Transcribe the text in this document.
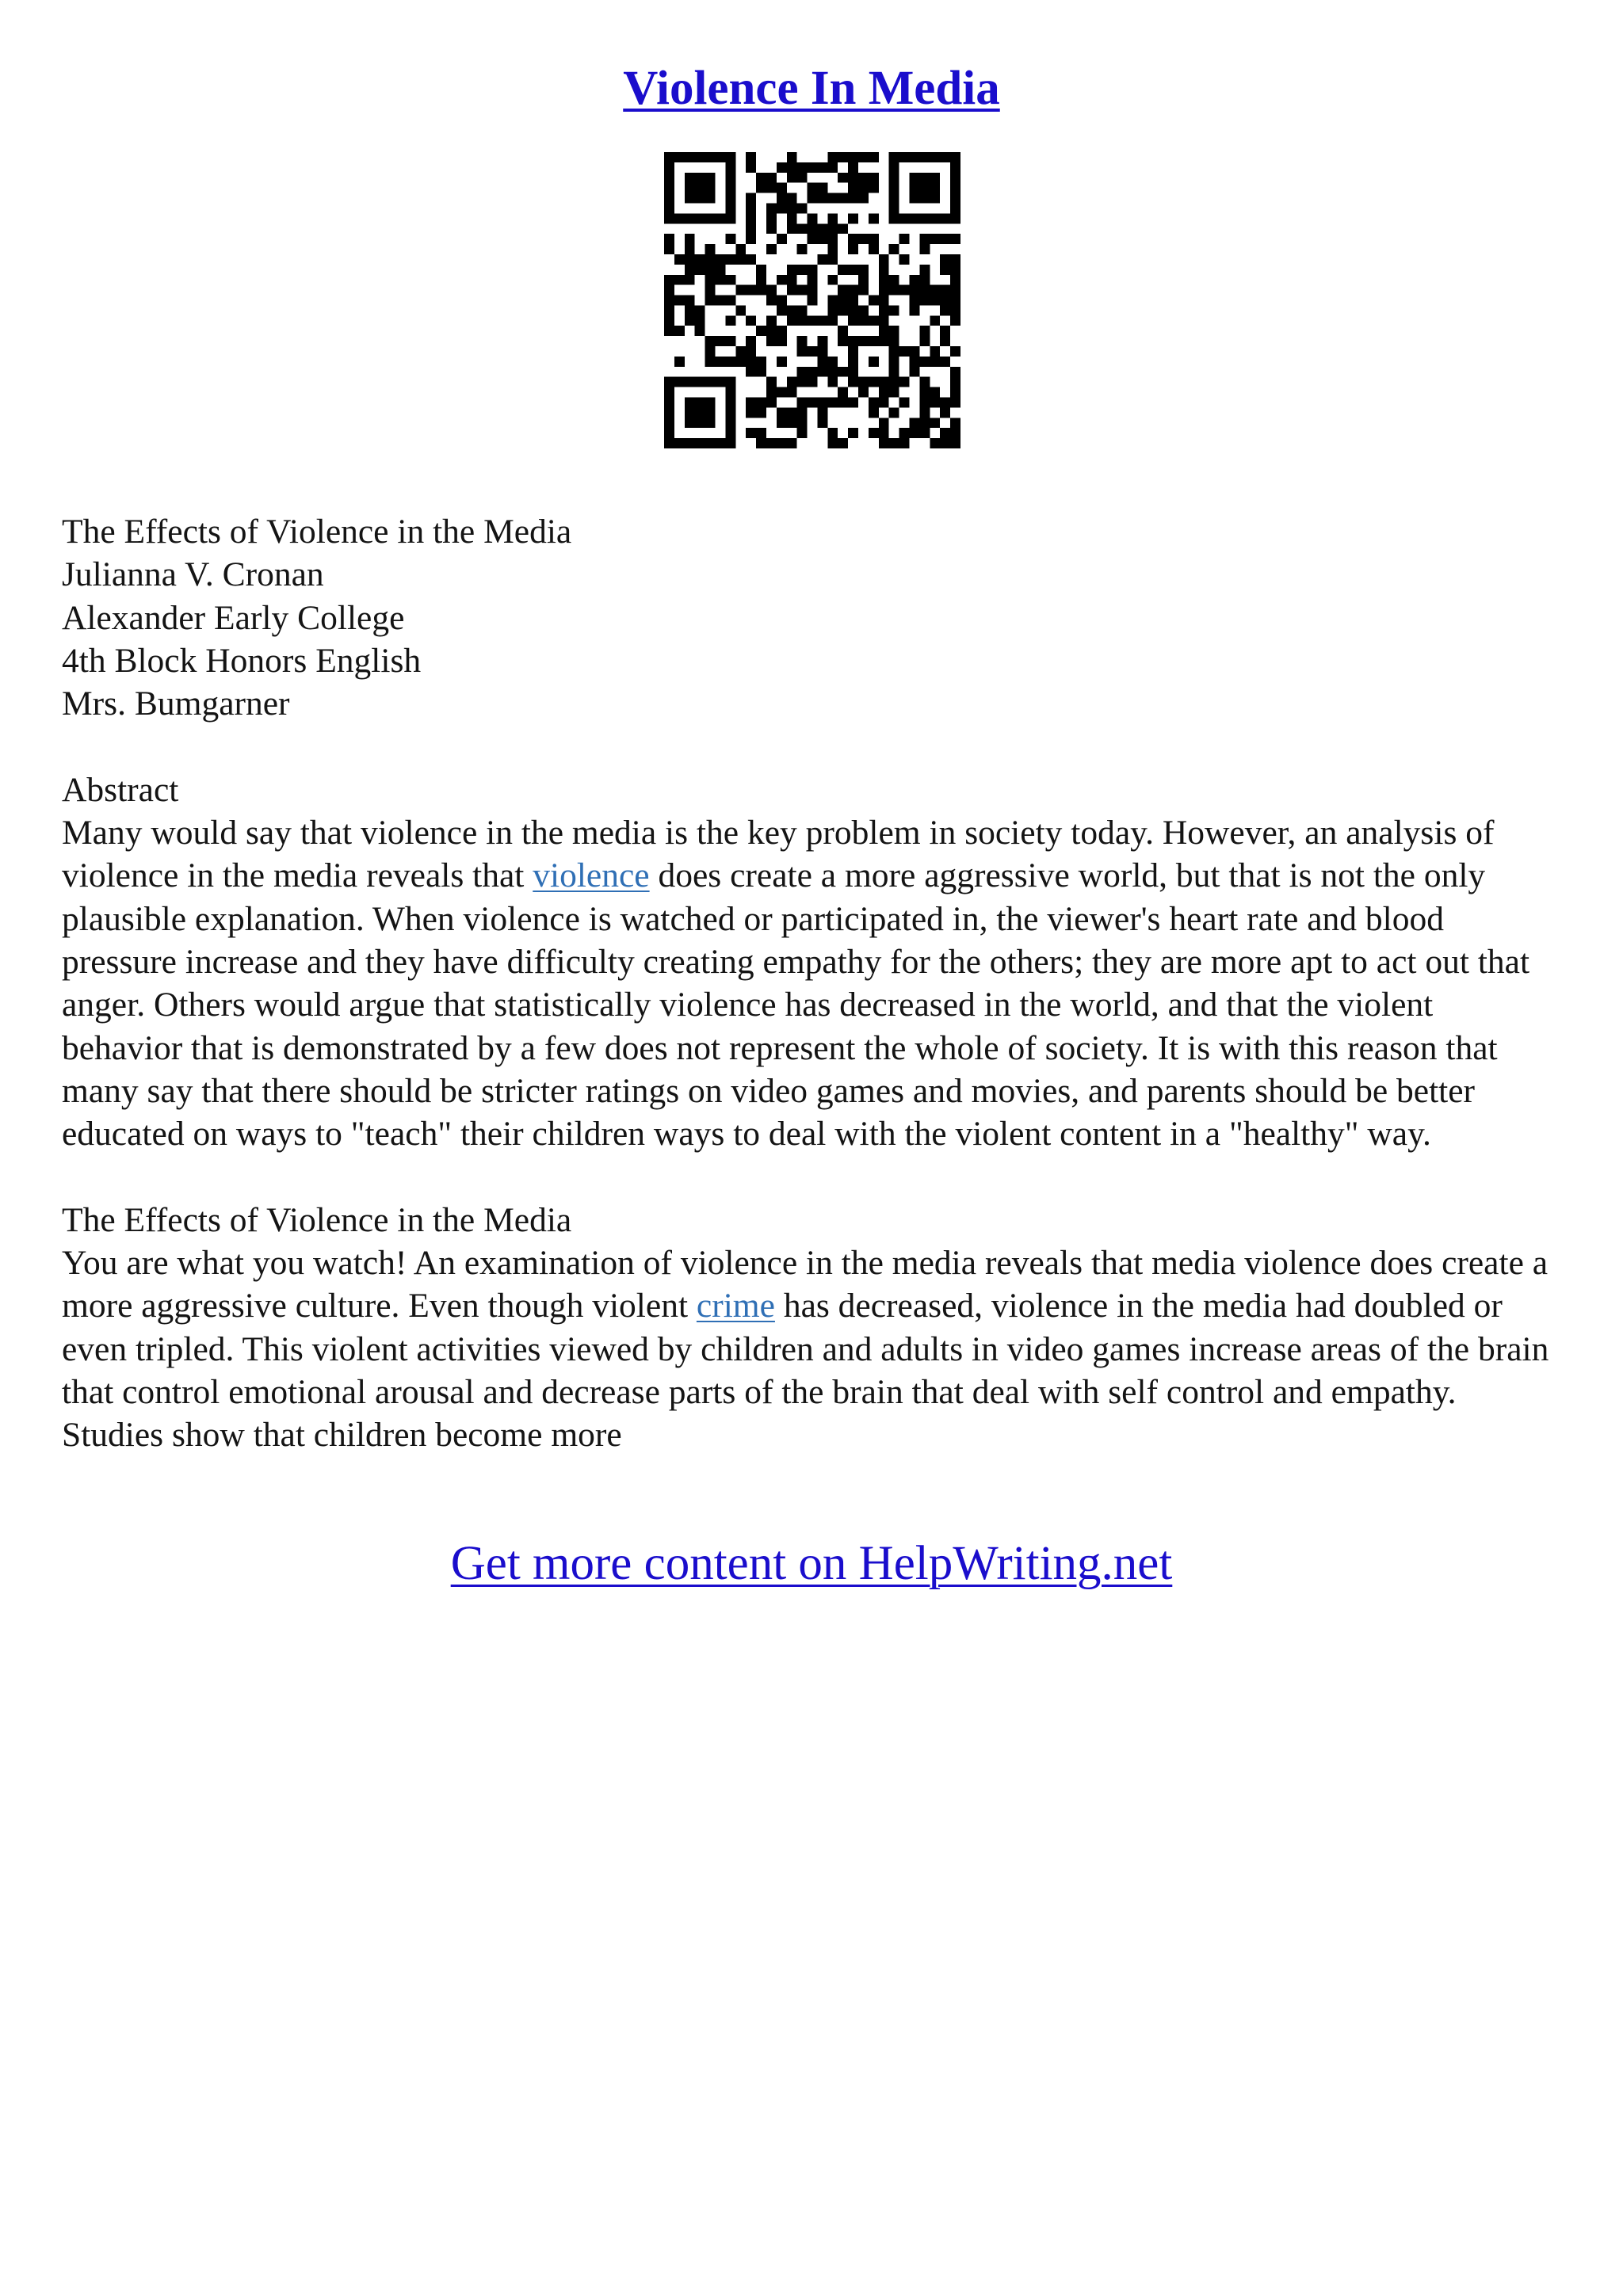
Violence In Media

The Effects of Violence in the Media

Julianna V. Cronan

Alexander Early College

4th Block Honors English

Mrs. Bumgarner

Abstract

Many would say that violence in the media is the key problem in society today. However, an analysis of violence in the media reveals that violence does create a more aggressive world, but that is not the only plausible explanation. When violence is watched or participated in, the viewer's heart rate and blood pressure increase and they have difficulty creating empathy for the others; they are more apt to act out that anger. Others would argue that statistically violence has decreased in the world, and that the violent behavior that is demonstrated by a few does not represent the whole of society. It is with this reason that many say that there should be stricter ratings on video games and movies, and parents should be better educated on ways to "teach" their children ways to deal with the violent content in a "healthy" way.

The Effects of Violence in the Media

You are what you watch! An examination of violence in the media reveals that media violence does create a more aggressive culture. Even though violent crime has decreased, violence in the media had doubled or even tripled. This violent activities viewed by children and adults in video games increase areas of the brain that control emotional arousal and decrease parts of the brain that deal with self control and empathy. Studies show that children become more

Get more content on HelpWriting.net
